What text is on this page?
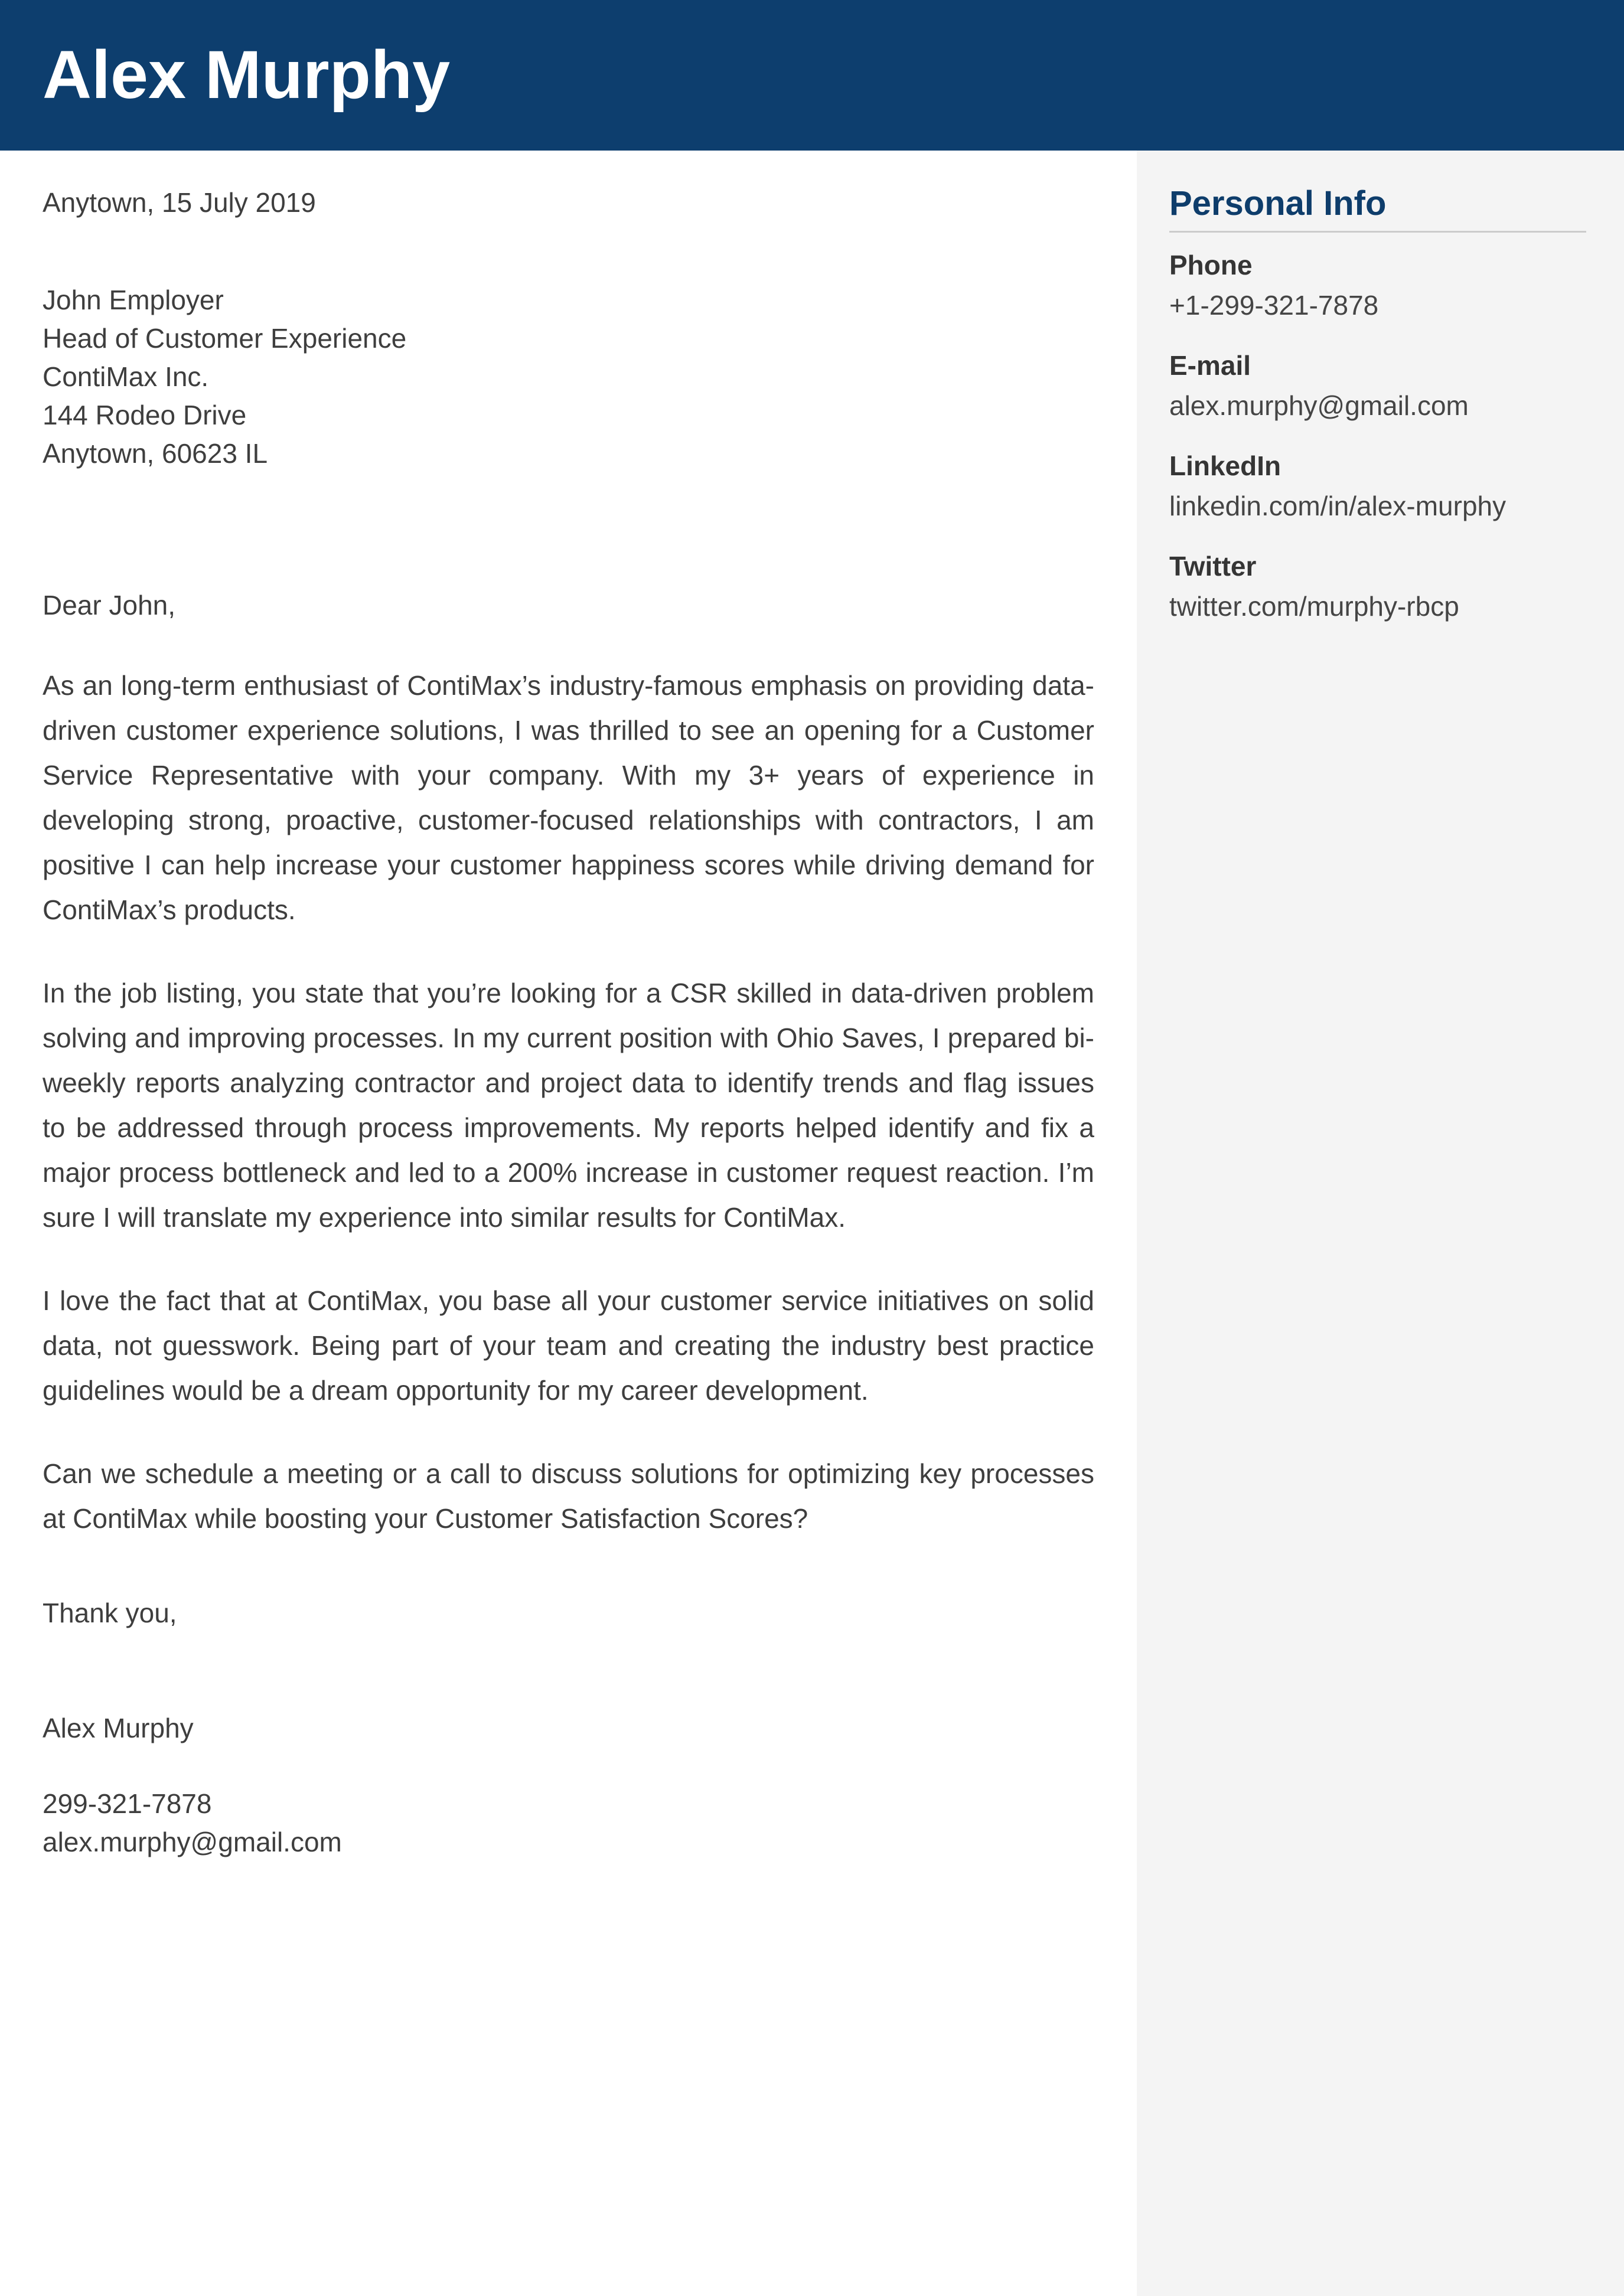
Alex Murphy
Anytown, 15 July 2019
John Employer
Head of Customer Experience
ContiMax Inc.
144 Rodeo Drive
Anytown, 60623 IL
Dear John,

As an long-term enthusiast of ContiMax’s industry-famous emphasis on providing data-driven customer experience solutions, I was thrilled to see an opening for a Customer Service Representative with your company. With my 3+ years of experience in developing strong, proactive, customer-focused relationships with contractors, I am positive I can help increase your customer happiness scores while driving demand for ContiMax’s products.

In the job listing, you state that you’re looking for a CSR skilled in data-driven problem solving and improving processes. In my current position with Ohio Saves, I prepared bi-weekly reports analyzing contractor and project data to identify trends and flag issues to be addressed through process improvements. My reports helped identify and fix a major process bottleneck and led to a 200% increase in customer request reaction. I’m sure I will translate my experience into similar results for ContiMax.

I love the fact that at ContiMax, you base all your customer service initiatives on solid data, not guesswork. Being part of your team and creating the industry best practice guidelines would be a dream opportunity for my career development.

Can we schedule a meeting or a call to discuss solutions for optimizing key processes at ContiMax while boosting your Customer Satisfaction Scores?

Thank you,
Alex Murphy
299-321-7878
alex.murphy@gmail.com
Personal Info
Phone
+1-299-321-7878
E-mail
alex.murphy@gmail.com
LinkedIn
linkedin.com/in/alex-murphy
Twitter
twitter.com/murphy-rbcp
